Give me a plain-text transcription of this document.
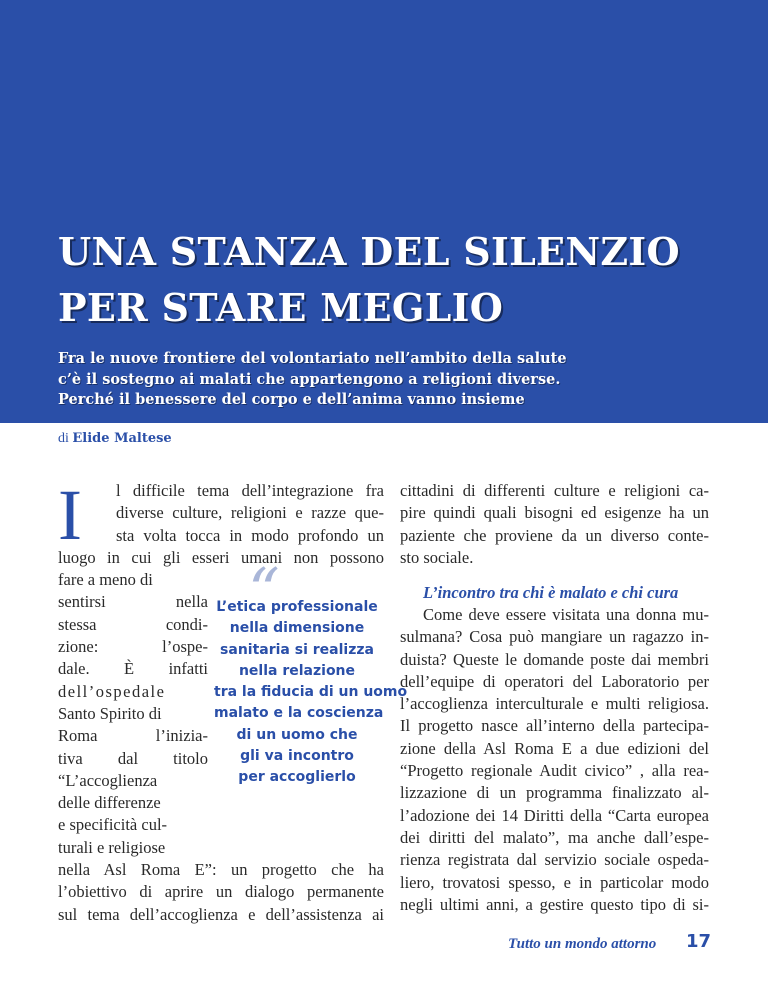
UNA STANZA DEL SILENZIO
PER STARE MEGLIO
Fra le nuove frontiere del volontariato nell’ambito della salute
c’è il sostegno ai malati che appartengono a religioni diverse.
Perché il benessere del corpo e dell’anima vanno insieme
di Elide Maltese
I	l difficile tema dell’integrazione fra
diverse culture, religioni e razze que-
sta volta tocca in modo profondo un
luogo in cui gli esseri umani non possono
fare a meno di
sentirsi nella
stessa condi-
zione: l’ospe-
dale. È infatti
dell’ospedale
Santo Spirito di
Roma l’inizia-
tiva dal titolo
“L’accoglienza
delle differenze
e specificità cul-
turali e religiose
nella Asl Roma E”: un progetto che ha
l’obiettivo di aprire un dialogo permanente
sul tema dell’accoglienza e dell’assistenza ai
“
L’etica professionale
nella dimensione
sanitaria si realizza
nella relazione
tra la fiducia di un uomo
malato e la coscienza
di un uomo che
gli va incontro
per accoglierlo
cittadini di differenti culture e religioni ca-
pire quindi quali bisogni ed esigenze ha un
paziente che proviene da un diverso conte-
sto sociale.
L’incontro tra chi è malato e chi cura
Come deve essere visitata una donna mu-
sulmana? Cosa può mangiare un ragazzo in-
duista? Queste le domande poste dai membri
dell’equipe di operatori del Laboratorio per
l’accoglienza interculturale e multi religiosa.
Il progetto nasce all’interno della partecipa-
zione della Asl Roma E a due edizioni del
“Progetto regionale Audit civico” , alla rea-
lizzazione di un programma finalizzato al-
l’adozione dei 14 Diritti della “Carta europea
dei diritti del malato”, ma anche dall’espe-
rienza registrata dal servizio sociale ospeda-
liero, trovatosi spesso, e in particolar modo
negli ultimi anni, a gestire questo tipo di si-
Tutto un mondo attorno 17
